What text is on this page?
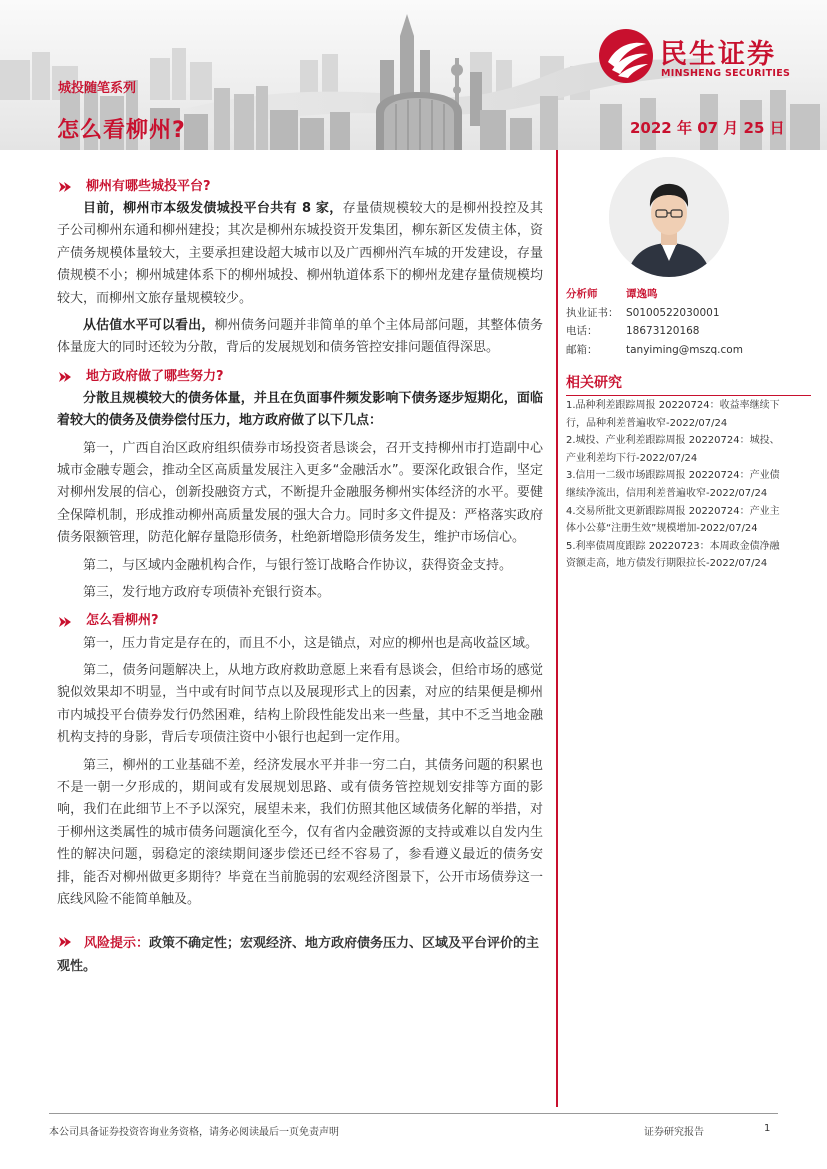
民生证券
MINSHENG SECURITIES
城投随笔系列
怎么看柳州?	2022 年 07 月 25 日
柳州有哪些城投平台?
目前，柳州市本级发债城投平台共有 8 家，存量债规模较大的是柳州投控及其子公司柳州东通和柳州建投；其次是柳州东城投资开发集团，柳东新区发债主体，资产债务规模体量较大，主要承担建设超大城市以及广西柳州汽车城的开发建设，存量债规模不小；柳州城建体系下的柳州城投、柳州轨道体系下的柳州龙建存量债规模均较大，而柳州文旅存量规模较少。
从估值水平可以看出，柳州债务问题并非简单的单个主体局部问题，其整体债务体量庞大的同时还较为分散，背后的发展规划和债务管控安排问题值得深思。
地方政府做了哪些努力?
分散且规模较大的债务体量，并且在负面事件频发影响下债务逐步短期化，面临着较大的债务及债券偿付压力，地方政府做了以下几点：
第一，广西自治区政府组织债券市场投资者恳谈会，召开支持柳州市打造副中心城市金融专题会，推动全区高质量发展注入更多“金融活水”。要深化政银合作，坚定对柳州发展的信心，创新投融资方式，不断提升金融服务柳州实体经济的水平。要健全保障机制，形成推动柳州高质量发展的强大合力。同时多文件提及：严格落实政府债务限额管理，防范化解存量隐形债务，杜绝新增隐形债务发生，维护市场信心。
第二，与区域内金融机构合作，与银行签订战略合作协议，获得资金支持。
第三，发行地方政府专项债补充银行资本。
怎么看柳州?
第一，压力肯定是存在的，而且不小，这是锚点，对应的柳州也是高收益区域。
第二，债务问题解决上，从地方政府救助意愿上来看有恳谈会，但给市场的感觉貌似效果却不明显，当中或有时间节点以及展现形式上的因素，对应的结果便是柳州市内城投平台债券发行仍然困难，结构上阶段性能发出来一些量，其中不乏当地金融机构支持的身影，背后专项债注资中小银行也起到一定作用。
第三，柳州的工业基础不差，经济发展水平并非一穷二白，其债务问题的积累也不是一朝一夕形成的，期间或有发展规划思路、或有债务管控规划安排等方面的影响，我们在此细节上不予以深究，展望未来，我们仿照其他区域债务化解的举措，对于柳州这类属性的城市债务问题演化至今，仅有省内金融资源的支持或难以自发内生性的解决问题，弱稳定的滚续期间逐步偿还已经不容易了，参看遵义最近的债务安排，能否对柳州做更多期待？毕竟在当前脆弱的宏观经济图景下，公开市场债券这一底线风险不能简单触及。
风险提示：政策不确定性；宏观经济、地方政府债务压力、区域及平台评价的主观性。
分析师	谭逸鸣
执业证书： S0100522030001
电话：	18673120168
邮箱：	tanyiming@mszq.com
相关研究
1.品种利差跟踪周报 20220724：收益率继续下行，品种利差普遍收窄-2022/07/24
2.城投、产业利差跟踪周报 20220724：城投、产业利差均下行-2022/07/24
3.信用一二级市场跟踪周报 20220724：产业债继续净流出，信用利差普遍收窄-2022/07/24
4.交易所批文更新跟踪周报 20220724：产业主体小公募“注册生效”规模增加-2022/07/24
5.利率债周度跟踪 20220723：本周政金债净融资额走高，地方债发行期限拉长-2022/07/24
本公司具备证券投资咨询业务资格，请务必阅读最后一页免责声明	证券研究报告	1
